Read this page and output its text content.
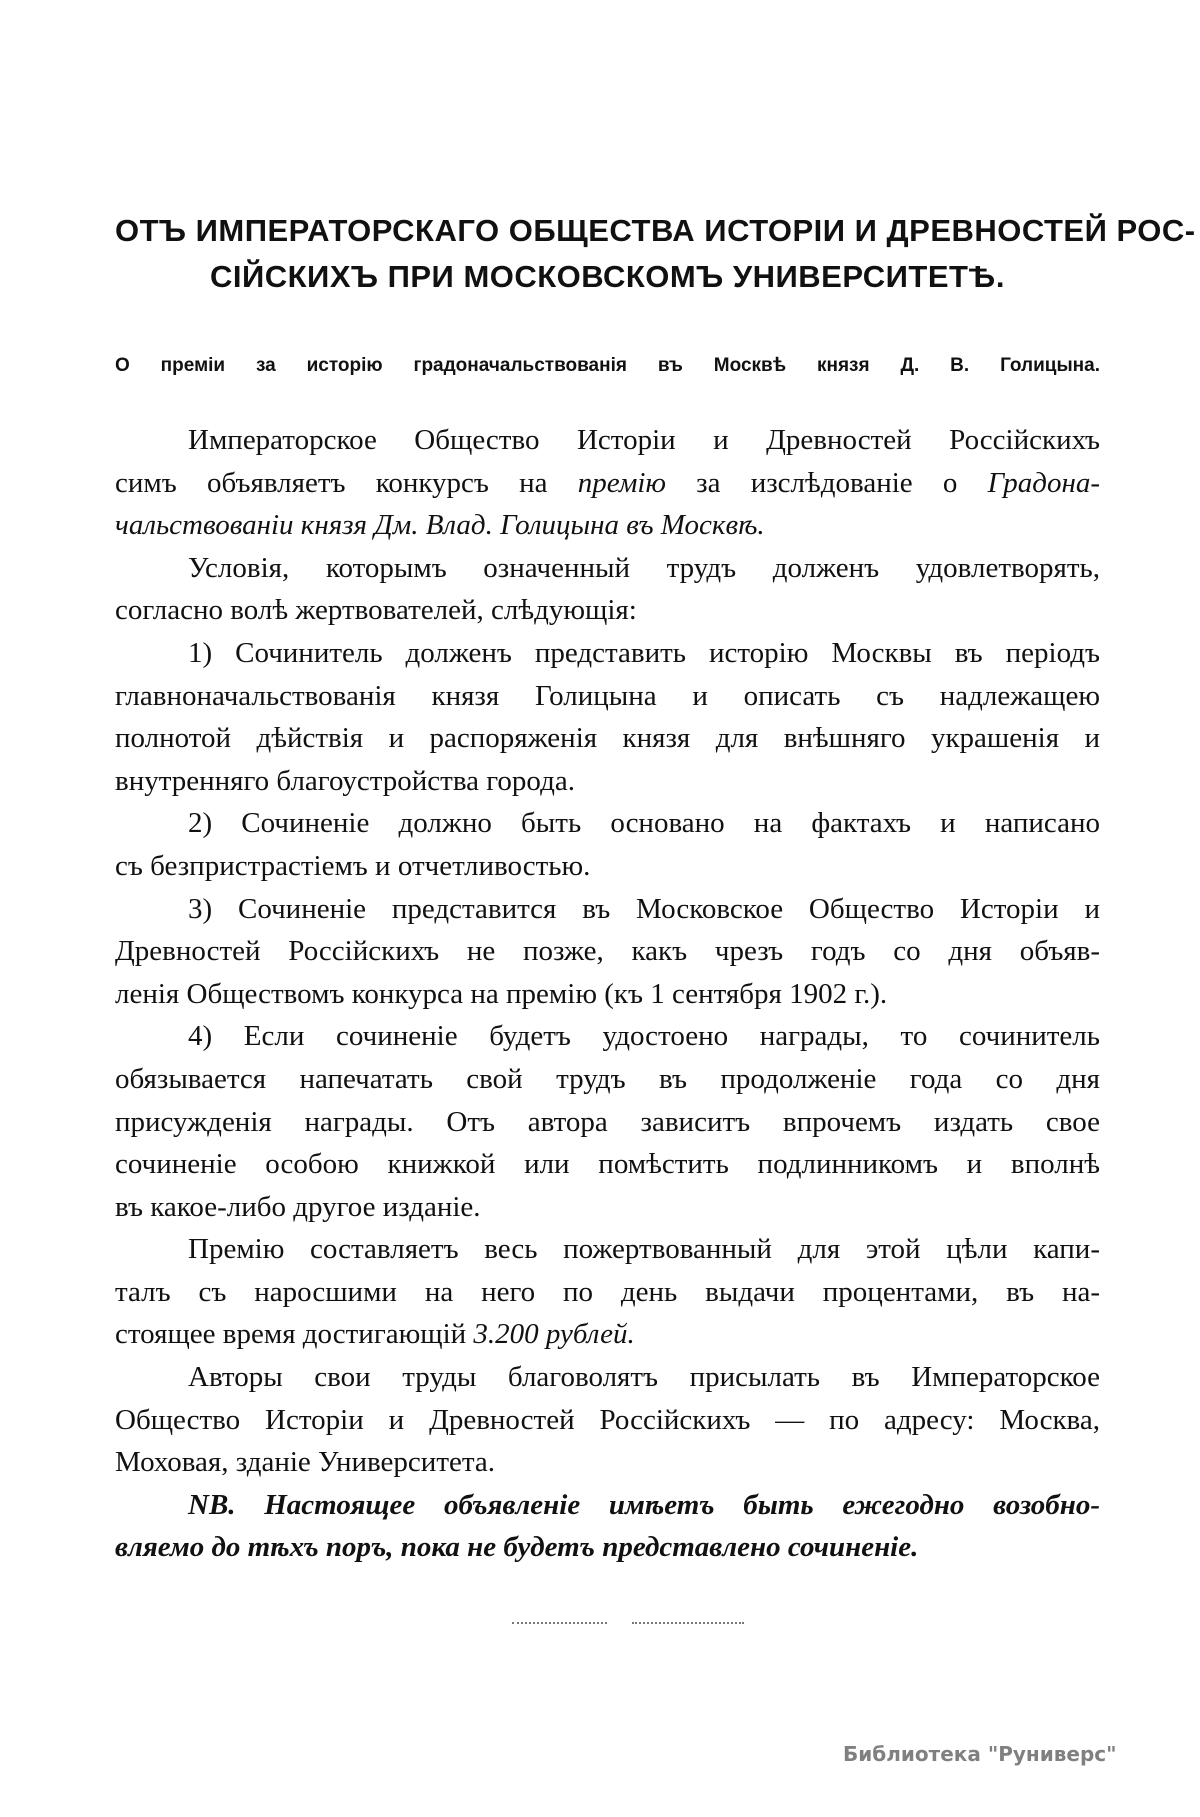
ОТЪ ИМПЕРАТОРСКАГО ОБЩЕСТВА ИСТОРІИ И ДРЕВНОСТЕЙ РОС-
СІЙСКИХЪ ПРИ МОСКОВСКОМЪ УНИВЕРСИТЕТѢ.
О преміи за исторію градоначальствованія въ Москвѣ князя Д. В. Голицына.
Императорское Общество Исторіи и Древностей Россійскихъ
симъ объявляетъ конкурсъ на премію за изслѣдованіе о Градона-
чальствованіи князя Дм. Влад. Голицына въ Москвѣ.
Условія, которымъ означенный трудъ долженъ удовлетворять,
согласно волѣ жертвователей, слѣдующія:
1) Сочинитель долженъ представить исторію Москвы въ періодъ
главноначальствованія князя Голицына и описать съ надлежащею
полнотой дѣйствія и распоряженія князя для внѣшняго украшенія и
внутренняго благоустройства города.
2) Сочиненіе должно быть основано на фактахъ и написано
съ безпристрастіемъ и отчетливостью.
3) Сочиненіе представится въ Московское Общество Исторіи и
Древностей Россійскихъ не позже, какъ чрезъ годъ со дня объяв-
ленія Обществомъ конкурса на премію (къ 1 сентября 1902 г.).
4) Если сочиненіе будетъ удостоено награды, то сочинитель
обязывается напечатать свой трудъ въ продолженіе года со дня
присужденія награды. Отъ автора зависитъ впрочемъ издать свое
сочиненіе особою книжкой или помѣстить подлинникомъ и вполнѣ
въ какое-либо другое изданіе.
Премію составляетъ весь пожертвованный для этой цѣли капи-
талъ съ наросшими на него по день выдачи процентами, въ на-
стоящее время достигающій 3.200 рублей.
Авторы свои труды благоволятъ присылать въ Императорское
Общество Исторіи и Древностей Россійскихъ — по адресу: Москва,
Моховая, зданіе Университета.
NB. Настоящее объявленіе имѣетъ быть ежегодно возобно-
вляемо до тѣхъ поръ, пока не будетъ представлено сочиненіе.
Библиотека "Руниверс"
